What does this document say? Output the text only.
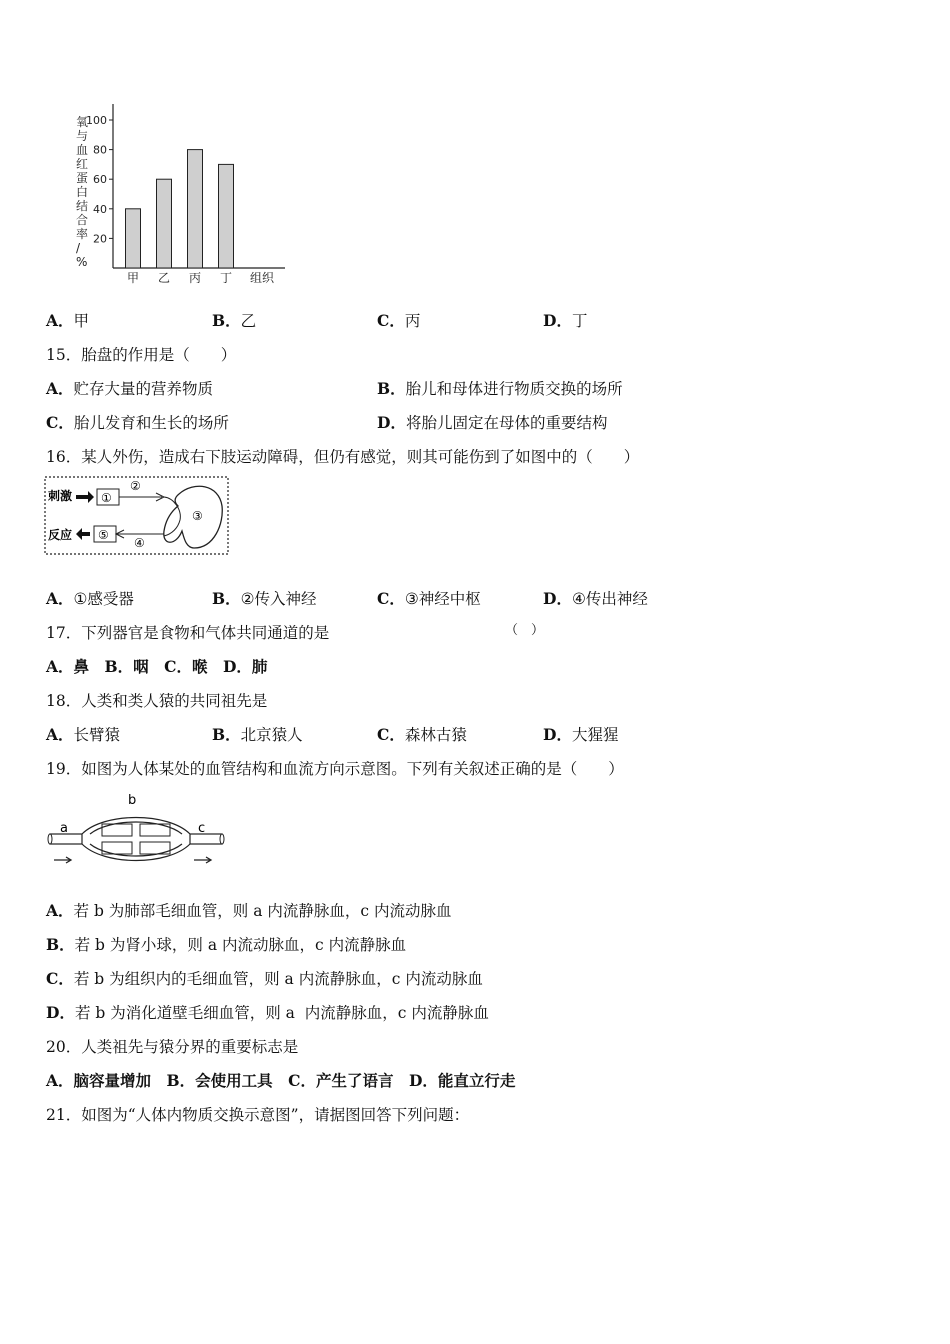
氧与血红蛋白结合率/ %
20
40
60
80
100
甲 乙 丙 丁 组织
A．甲	B．乙	C．丙	D．丁
15．胎盘的作用是（　　）
A．贮存大量的营养物质	B．胎儿和母体进行物质交换的场所
C．胎儿发育和生长的场所	D．将胎儿固定在母体的重要结构
16．某人外伤，造成右下肢运动障碍，但仍有感觉，则其可能伤到了如图中的（　　）
刺激 ①
②
③
反应 ⑤
④
A．①感受器	B．②传入神经	C．③神经中枢	D．④传出神经
17．下列器官是食物和气体共同通道的是	（　）
A．鼻　B．咽　C．喉　D．肺
18．人类和类人猿的共同祖先是
A．长臂猿	B．北京猿人	C．森林古猿	D．大猩猩
19．如图为人体某处的血管结构和血流方向示意图。下列有关叙述正确的是（　　）
b
a	c
A．若 b 为肺部毛细血管，则 a 内流静脉血，c 内流动脉血
B．若 b 为肾小球，则 a 内流动脉血，c 内流静脉血
C．若 b 为组织内的毛细血管，则 a 内流静脉血，c 内流动脉血
D．若 b 为消化道壁毛细血管，则 a  内流静脉血，c 内流静脉血
20．人类祖先与猿分界的重要标志是
A．脑容量增加　B．会使用工具　C．产生了语言　D．能直立行走
21．如图为“人体内物质交换示意图”，请据图回答下列问题：
